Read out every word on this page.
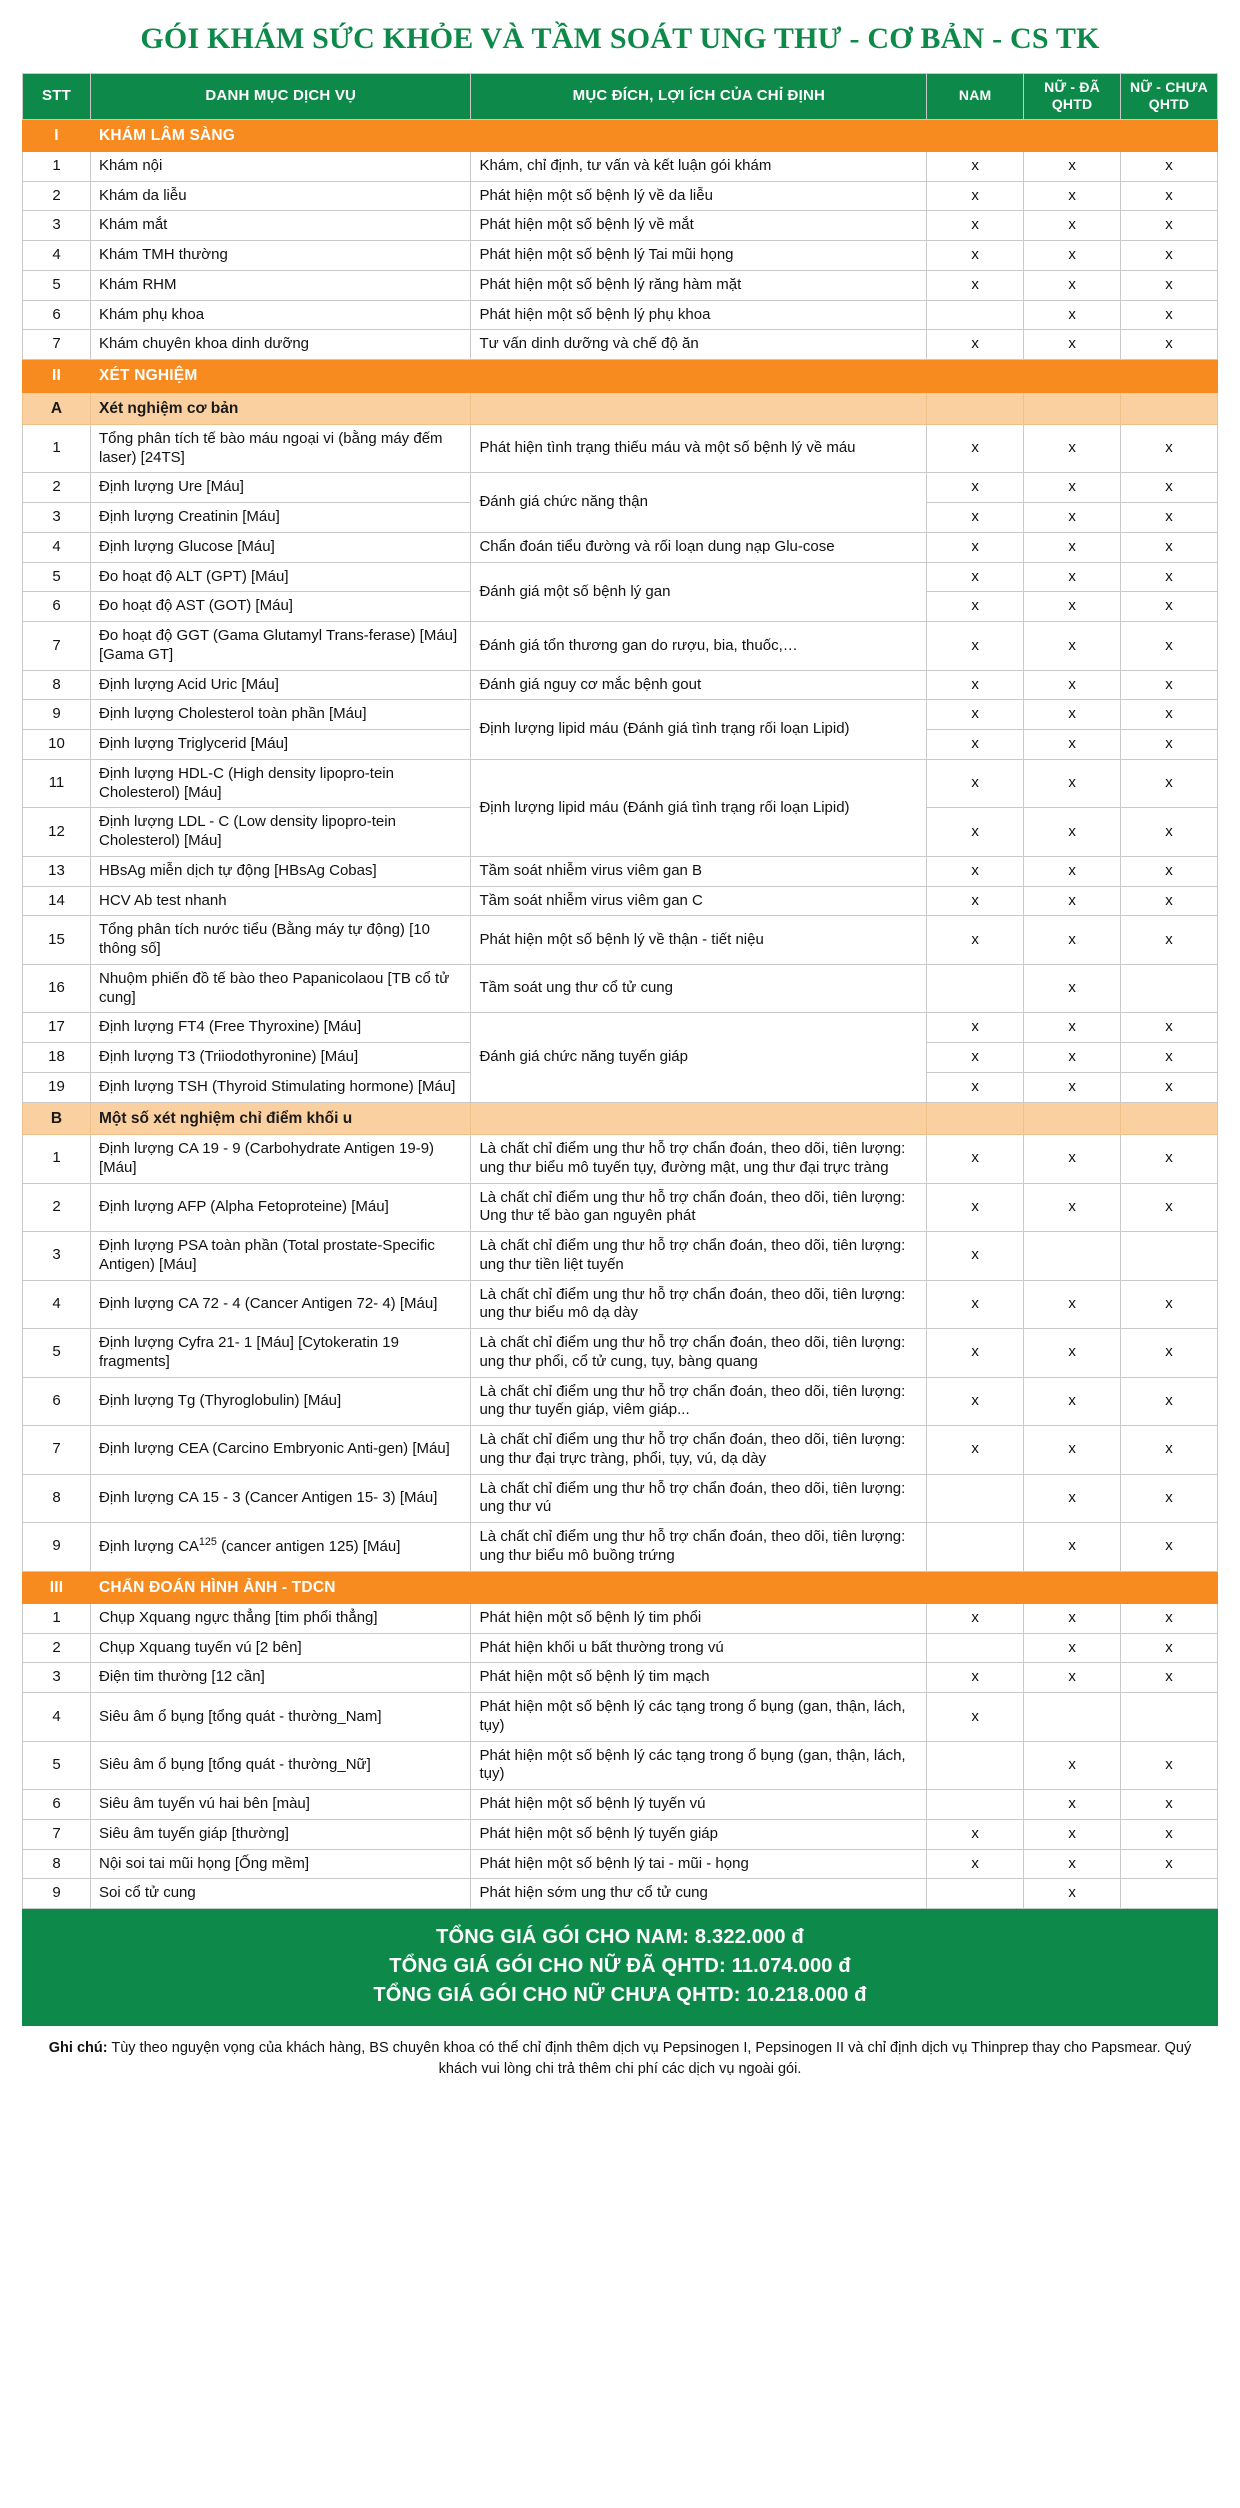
GÓI KHÁM SỨC KHỎE VÀ TẦM SOÁT UNG THƯ - CƠ BẢN - CS TK
STT	DANH MỤC DỊCH VỤ	MỤC ĐÍCH, LỢI ÍCH CỦA CHỈ ĐỊNH	NAM	NỮ - ĐÃ QHTD	NỮ - CHƯA QHTD
I	KHÁM LÂM SÀNG				
1	Khám nội	Khám, chỉ định, tư vấn và kết luận gói khám	x	x	x
2	Khám da liễu	Phát hiện một số bệnh lý về da liễu	x	x	x
3	Khám mắt	Phát hiện một số bệnh lý về mắt	x	x	x
4	Khám TMH thường	Phát hiện một số bệnh lý Tai mũi họng	x	x	x
5	Khám RHM	Phát hiện một số bệnh lý răng hàm mặt	x	x	x
6	Khám phụ khoa	Phát hiện một số bệnh lý phụ khoa		x	x
7	Khám chuyên khoa dinh dưỡng	Tư vấn dinh dưỡng và chế độ ăn	x	x	x
II	XÉT NGHIỆM				
A	Xét nghiệm cơ bản				
1	Tổng phân tích tế bào máu ngoại vi (bằng máy đếm laser) [24TS]	Phát hiện tình trạng thiếu máu và một số bệnh lý về máu	x	x	x
2	Định lượng Ure [Máu]	Đánh giá chức năng thận	x	x	x
3	Định lượng Creatinin [Máu]		x	x	x
4	Định lượng Glucose [Máu]	Chẩn đoán tiểu đường và rối loạn dung nạp Glu-cose	x	x	x
5	Đo hoạt độ ALT (GPT) [Máu]	Đánh giá một số bệnh lý gan	x	x	x
6	Đo hoạt độ AST (GOT) [Máu]		x	x	x
7	Đo hoạt độ GGT (Gama Glutamyl Trans-ferase) [Máu] [Gama GT]	Đánh giá tổn thương gan do rượu, bia, thuốc,…	x	x	x
8	Định lượng Acid Uric [Máu]	Đánh giá nguy cơ mắc bệnh gout	x	x	x
9	Định lượng Cholesterol toàn phần [Máu]	Định lượng lipid máu (Đánh giá tình trạng rối loạn Lipid)	x	x	x
10	Định lượng Triglycerid [Máu]		x	x	x
11	Định lượng HDL-C (High density lipopro-tein Cholesterol) [Máu]	Định lượng lipid máu (Đánh giá tình trạng rối loạn Lipid)	x	x	x
12	Định lượng LDL - C (Low density lipopro-tein Cholesterol) [Máu]		x	x	x
13	HBsAg miễn dịch tự động [HBsAg Cobas]	Tầm soát nhiễm virus viêm gan B	x	x	x
14	HCV Ab test nhanh	Tầm soát nhiễm virus viêm gan C	x	x	x
15	Tổng phân tích nước tiểu (Bằng máy tự động) [10 thông số]	Phát hiện một số bệnh lý về thận - tiết niệu	x	x	x
16	Nhuộm phiến đồ tế bào theo Papanicolaou [TB cổ tử cung]	Tầm soát ung thư cổ tử cung		x	
17	Định lượng FT4 (Free Thyroxine) [Máu]	Đánh giá chức năng tuyến giáp	x	x	x
18	Định lượng T3 (Triiodothyronine) [Máu]		x	x	x
19	Định lượng TSH (Thyroid Stimulating hormone) [Máu]		x	x	x
B	Một số xét nghiệm chỉ điểm khối u				
1	Định lượng CA 19 - 9 (Carbohydrate Antigen 19-9) [Máu]	Là chất chỉ điểm ung thư hỗ trợ chẩn đoán, theo dõi, tiên lượng: ung thư biểu mô tuyến tụy, đường mật, ung thư đại trực tràng	x	x	x
2	Định lượng AFP (Alpha Fetoproteine) [Máu]	Là chất chỉ điểm ung thư hỗ trợ chẩn đoán, theo dõi, tiên lượng: Ung thư tế bào gan nguyên phát	x	x	x
3	Định lượng PSA toàn phần (Total prostate-Specific Antigen) [Máu]	Là chất chỉ điểm ung thư hỗ trợ chẩn đoán, theo dõi, tiên lượng: ung thư tiền liệt tuyến	x		
4	Định lượng CA 72 - 4 (Cancer Antigen 72- 4) [Máu]	Là chất chỉ điểm ung thư hỗ trợ chẩn đoán, theo dõi, tiên lượng: ung thư biểu mô dạ dày	x	x	x
5	Định lượng Cyfra 21- 1 [Máu] [Cytokeratin 19 fragments]	Là chất chỉ điểm ung thư hỗ trợ chẩn đoán, theo dõi, tiên lượng: ung thư phổi, cổ tử cung, tụy, bàng quang	x	x	x
6	Định lượng Tg (Thyroglobulin) [Máu]	Là chất chỉ điểm ung thư hỗ trợ chẩn đoán, theo dõi, tiên lượng: ung thư tuyến giáp, viêm giáp...	x	x	x
7	Định lượng CEA (Carcino Embryonic Anti-gen) [Máu]	Là chất chỉ điểm ung thư hỗ trợ chẩn đoán, theo dõi, tiên lượng: ung thư đại trực tràng, phổi, tụy, vú, dạ dày	x	x	x
8	Định lượng CA 15 - 3 (Cancer Antigen 15- 3) [Máu]	Là chất chỉ điểm ung thư hỗ trợ chẩn đoán, theo dõi, tiên lượng: ung thư vú		x	x
9	Định lượng CA$^{125}$ (cancer antigen 125) [Máu]	Là chất chỉ điểm ung thư hỗ trợ chẩn đoán, theo dõi, tiên lượng: ung thư biểu mô buồng trứng		x	x
III	CHẨN ĐOÁN HÌNH ẢNH - TDCN				
1	Chụp Xquang ngực thẳng [tim phổi thẳng]	Phát hiện một số bệnh lý tim phổi	x	x	x
2	Chụp Xquang tuyến vú [2 bên]	Phát hiện khối u bất thường trong vú		x	x
3	Điện tim thường [12 cần]	Phát hiện một số bệnh lý tim mạch	x	x	x
4	Siêu âm ổ bụng [tổng quát - thường_Nam]	Phát hiện một số bệnh lý các tạng trong ổ bụng (gan, thận, lách, tụy)	x		
5	Siêu âm ổ bụng [tổng quát - thường_Nữ]	Phát hiện một số bệnh lý các tạng trong ổ bụng (gan, thận, lách, tụy)		x	x
6	Siêu âm tuyến vú hai bên [màu]	Phát hiện một số bệnh lý tuyến vú		x	x
7	Siêu âm tuyến giáp [thường]	Phát hiện một số bệnh lý tuyến giáp	x	x	x
8	Nội soi tai mũi họng [Ống mềm]	Phát hiện một số bệnh lý tai - mũi - họng	x	x	x
9	Soi cổ tử cung	Phát hiện sớm ung thư cổ tử cung		x	
TỔNG GIÁ GÓI CHO NAM: 8.322.000 đ
TỔNG GIÁ GÓI CHO NỮ ĐÃ QHTD: 11.074.000 đ
TỔNG GIÁ GÓI CHO NỮ CHƯA QHTD: 10.218.000 đ
Ghi chú: Tùy theo nguyện vọng của khách hàng, BS chuyên khoa có thể chỉ định thêm dịch vụ Pepsinogen I, Pepsinogen II và chỉ định dịch vụ Thinprep thay cho Papsmear. Quý khách vui lòng chi trả thêm chi phí các dịch vụ ngoài gói.
